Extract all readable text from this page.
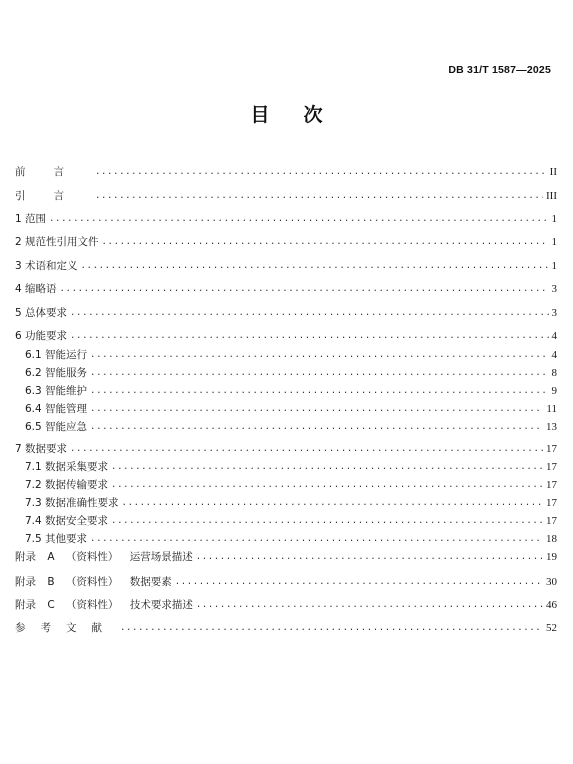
DB 31/T 1587—2025
目 次
前言 .....	II
引言 .....	III
1 范围 .....	1
2 规范性引用文件 .....	1
3 术语和定义 .....	1
4 缩略语 .....	3
5 总体要求 .....	3
6 功能要求 .....	4
6.1 智能运行 .....	4
6.2 智能服务 .....	8
6.3 智能维护 .....	9
6.4 智能管理 .....	11
6.5 智能应急 .....	13
7 数据要求 .....	17
7.1 数据采集要求 .....	17
7.2 数据传输要求 .....	17
7.3 数据准确性要求 .....	17
7.4 数据安全要求 .....	17
7.5 其他要求 .....	18
附录 A （资料性） 运营场景描述 .....	19
附录 B （资料性） 数据要素 .....	30
附录 C （资料性） 技术要求描述 .....	46
参考文献 .....	52
